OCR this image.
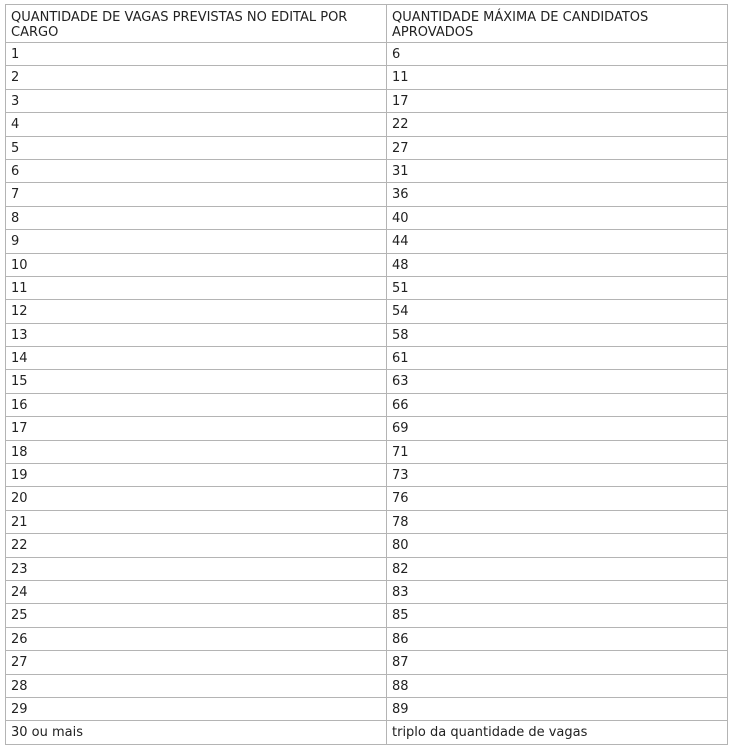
QUANTIDADE DE VAGAS PREVISTAS NO EDITAL POR CARGO	QUANTIDADE MÁXIMA DE CANDIDATOS APROVADOS
1	6
2	11
3	17
4	22
5	27
6	31
7	36
8	40
9	44
10	48
11	51
12	54
13	58
14	61
15	63
16	66
17	69
18	71
19	73
20	76
21	78
22	80
23	82
24	83
25	85
26	86
27	87
28	88
29	89
30 ou mais	triplo da quantidade de vagas
